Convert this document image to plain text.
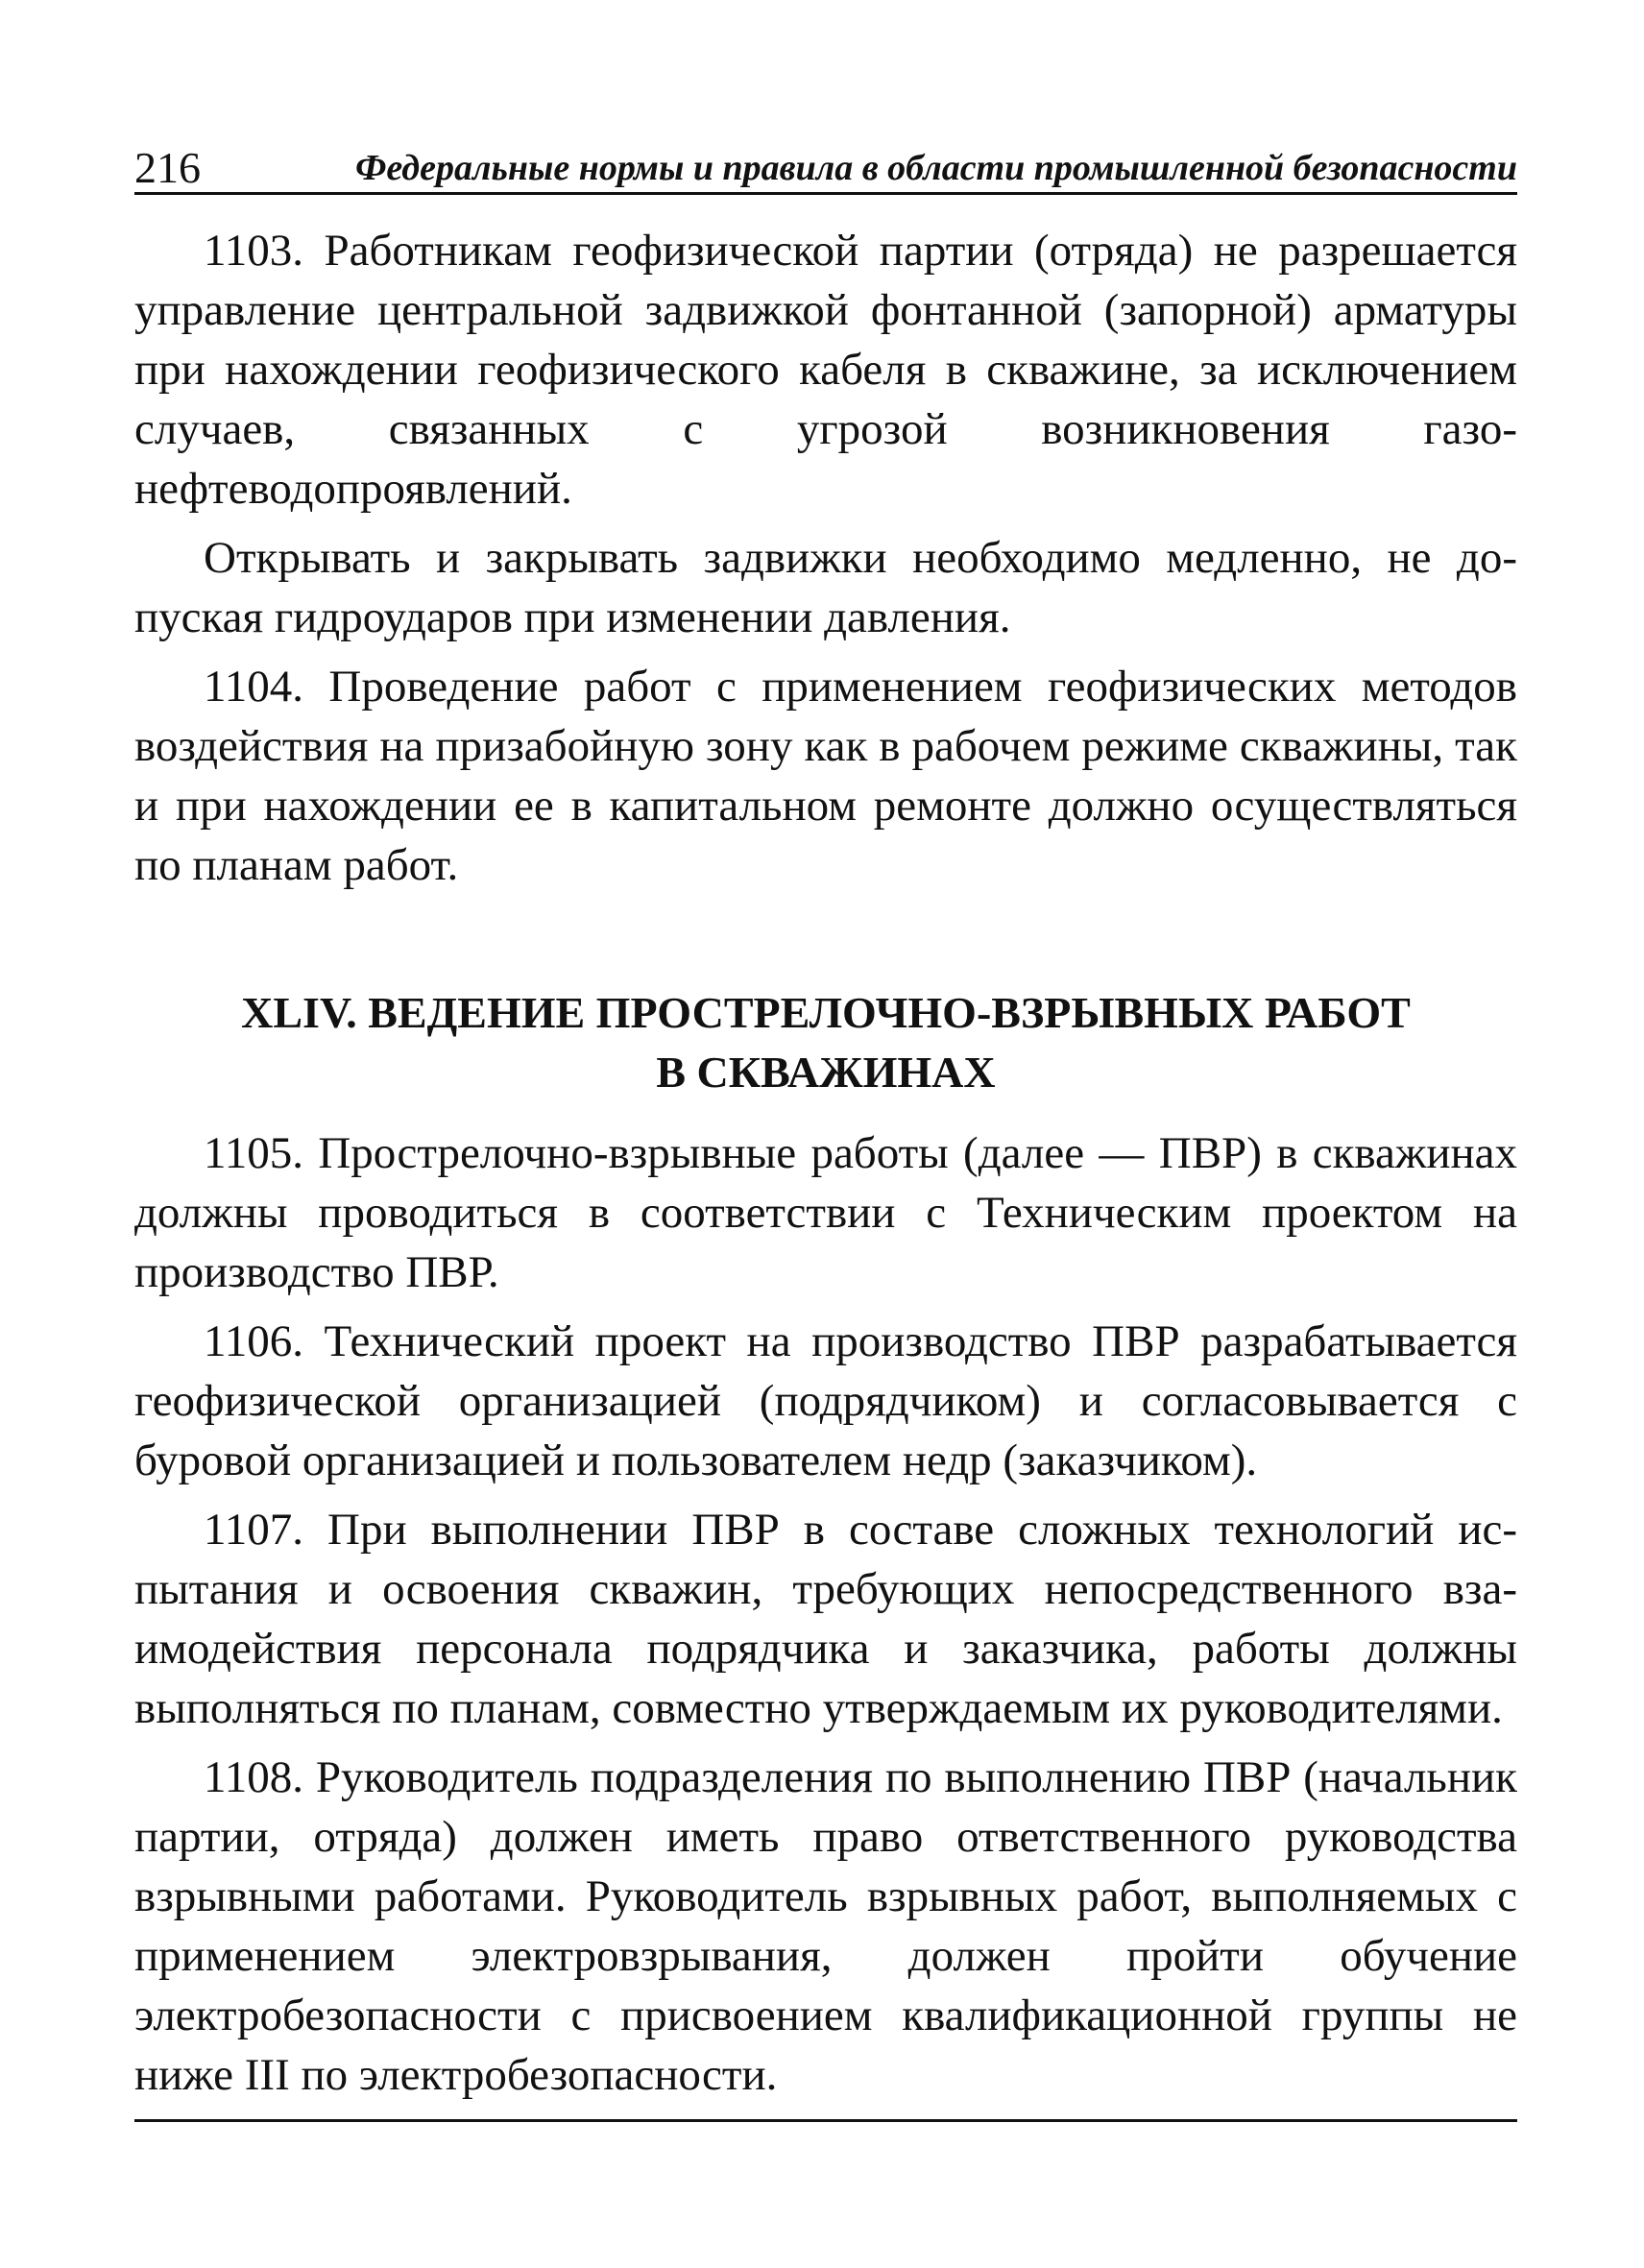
216	Федеральные нормы и правила в области промышленной безопасности

1103. Работникам геофизической партии (отряда) не разрешается управление центральной задвижкой фонтанной (запорной) арматуры при нахождении геофизического кабеля в скважине, за исключением случаев, связанных с угрозой возникновения газонефтеводопроявлений.

Открывать и закрывать задвижки необходимо медленно, не допуская гидроударов при изменении давления.

1104. Проведение работ с применением геофизических методов воздействия на призабойную зону как в рабочем режиме скважины, так и при нахождении ее в капитальном ремонте должно осуществляться по планам работ.

XLIV. ВЕДЕНИЕ ПРОСТРЕЛОЧНО-ВЗРЫВНЫХ РАБОТ
В СКВАЖИНАХ

1105. Прострелочно-взрывные работы (далее — ПВР) в скважинах должны проводиться в соответствии с Техническим проектом на производство ПВР.

1106. Технический проект на производство ПВР разрабатывается геофизической организацией (подрядчиком) и согласовывается с буровой организацией и пользователем недр (заказчиком).

1107. При выполнении ПВР в составе сложных технологий испытания и освоения скважин, требующих непосредственного взаимодействия персонала подрядчика и заказчика, работы должны выполняться по планам, совместно утверждаемым их руководителями.

1108. Руководитель подразделения по выполнению ПВР (начальник партии, отряда) должен иметь право ответственного руководства взрывными работами. Руководитель взрывных работ, выполняемых с применением электровзрывания, должен пройти обучение электробезопасности с присвоением квалификационной группы не ниже III по электробезопасности.
